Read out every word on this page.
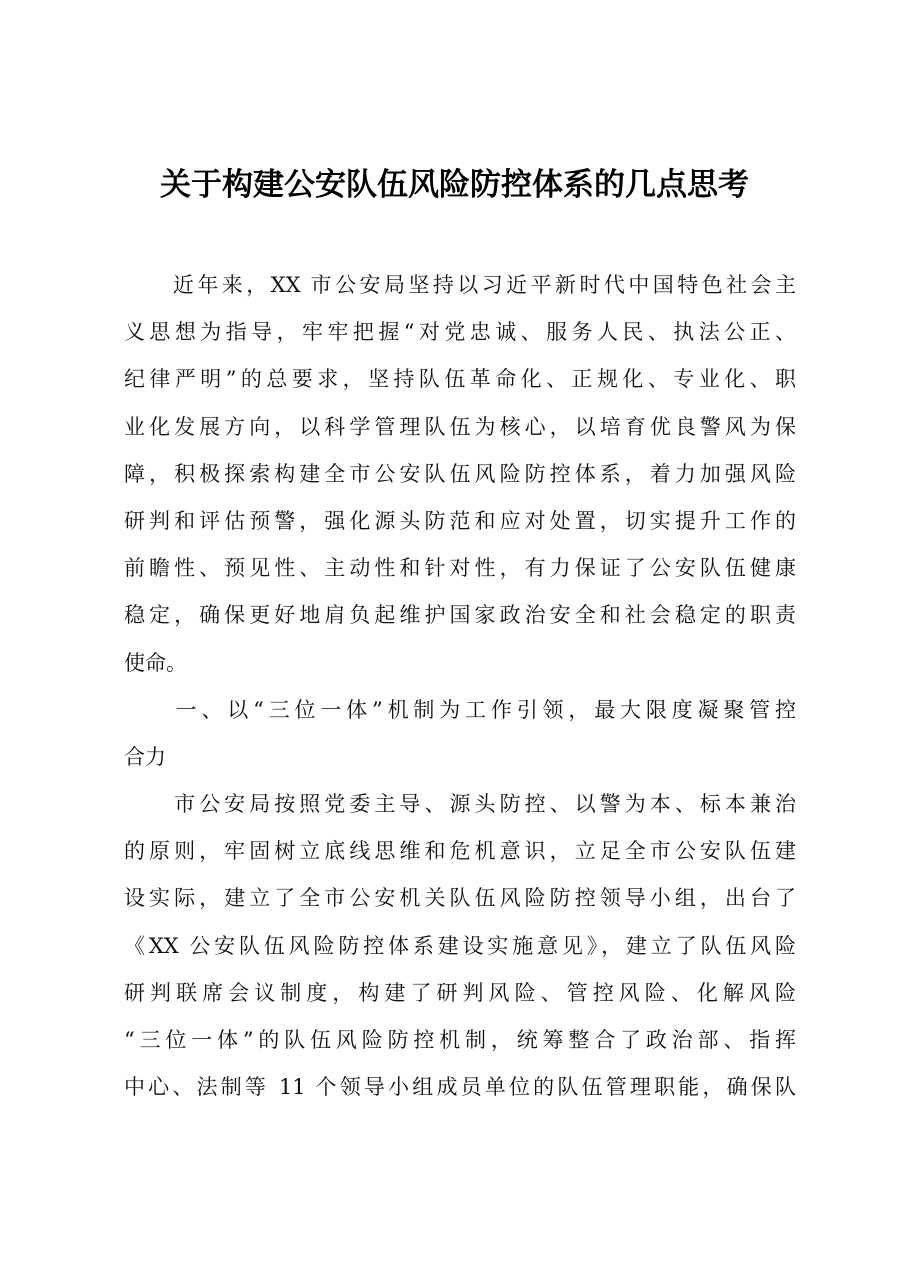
关于构建公安队伍风险防控体系的几点思考
　　近年来，XX 市公安局坚持以习近平新时代中国特色社会主
义思想为指导，牢牢把握“对党忠诚、服务人民、执法公正、
纪律严明”的总要求，坚持队伍革命化、正规化、专业化、职
业化发展方向，以科学管理队伍为核心，以培育优良警风为保
障，积极探索构建全市公安队伍风险防控体系，着力加强风险
研判和评估预警，强化源头防范和应对处置，切实提升工作的
前瞻性、预见性、主动性和针对性，有力保证了公安队伍健康
稳定，确保更好地肩负起维护国家政治安全和社会稳定的职责
使命。
　　一、以“三位一体”机制为工作引领，最大限度凝聚管控
合力
　　市公安局按照党委主导、源头防控、以警为本、标本兼治
的原则，牢固树立底线思维和危机意识，立足全市公安队伍建
设实际，建立了全市公安机关队伍风险防控领导小组，出台了
《XX 公安队伍风险防控体系建设实施意见》，建立了队伍风险
研判联席会议制度，构建了研判风险、管控风险、化解风险
“三位一体”的队伍风险防控机制，统筹整合了政治部、指挥
中心、法制等 11 个领导小组成员单位的队伍管理职能，确保队
